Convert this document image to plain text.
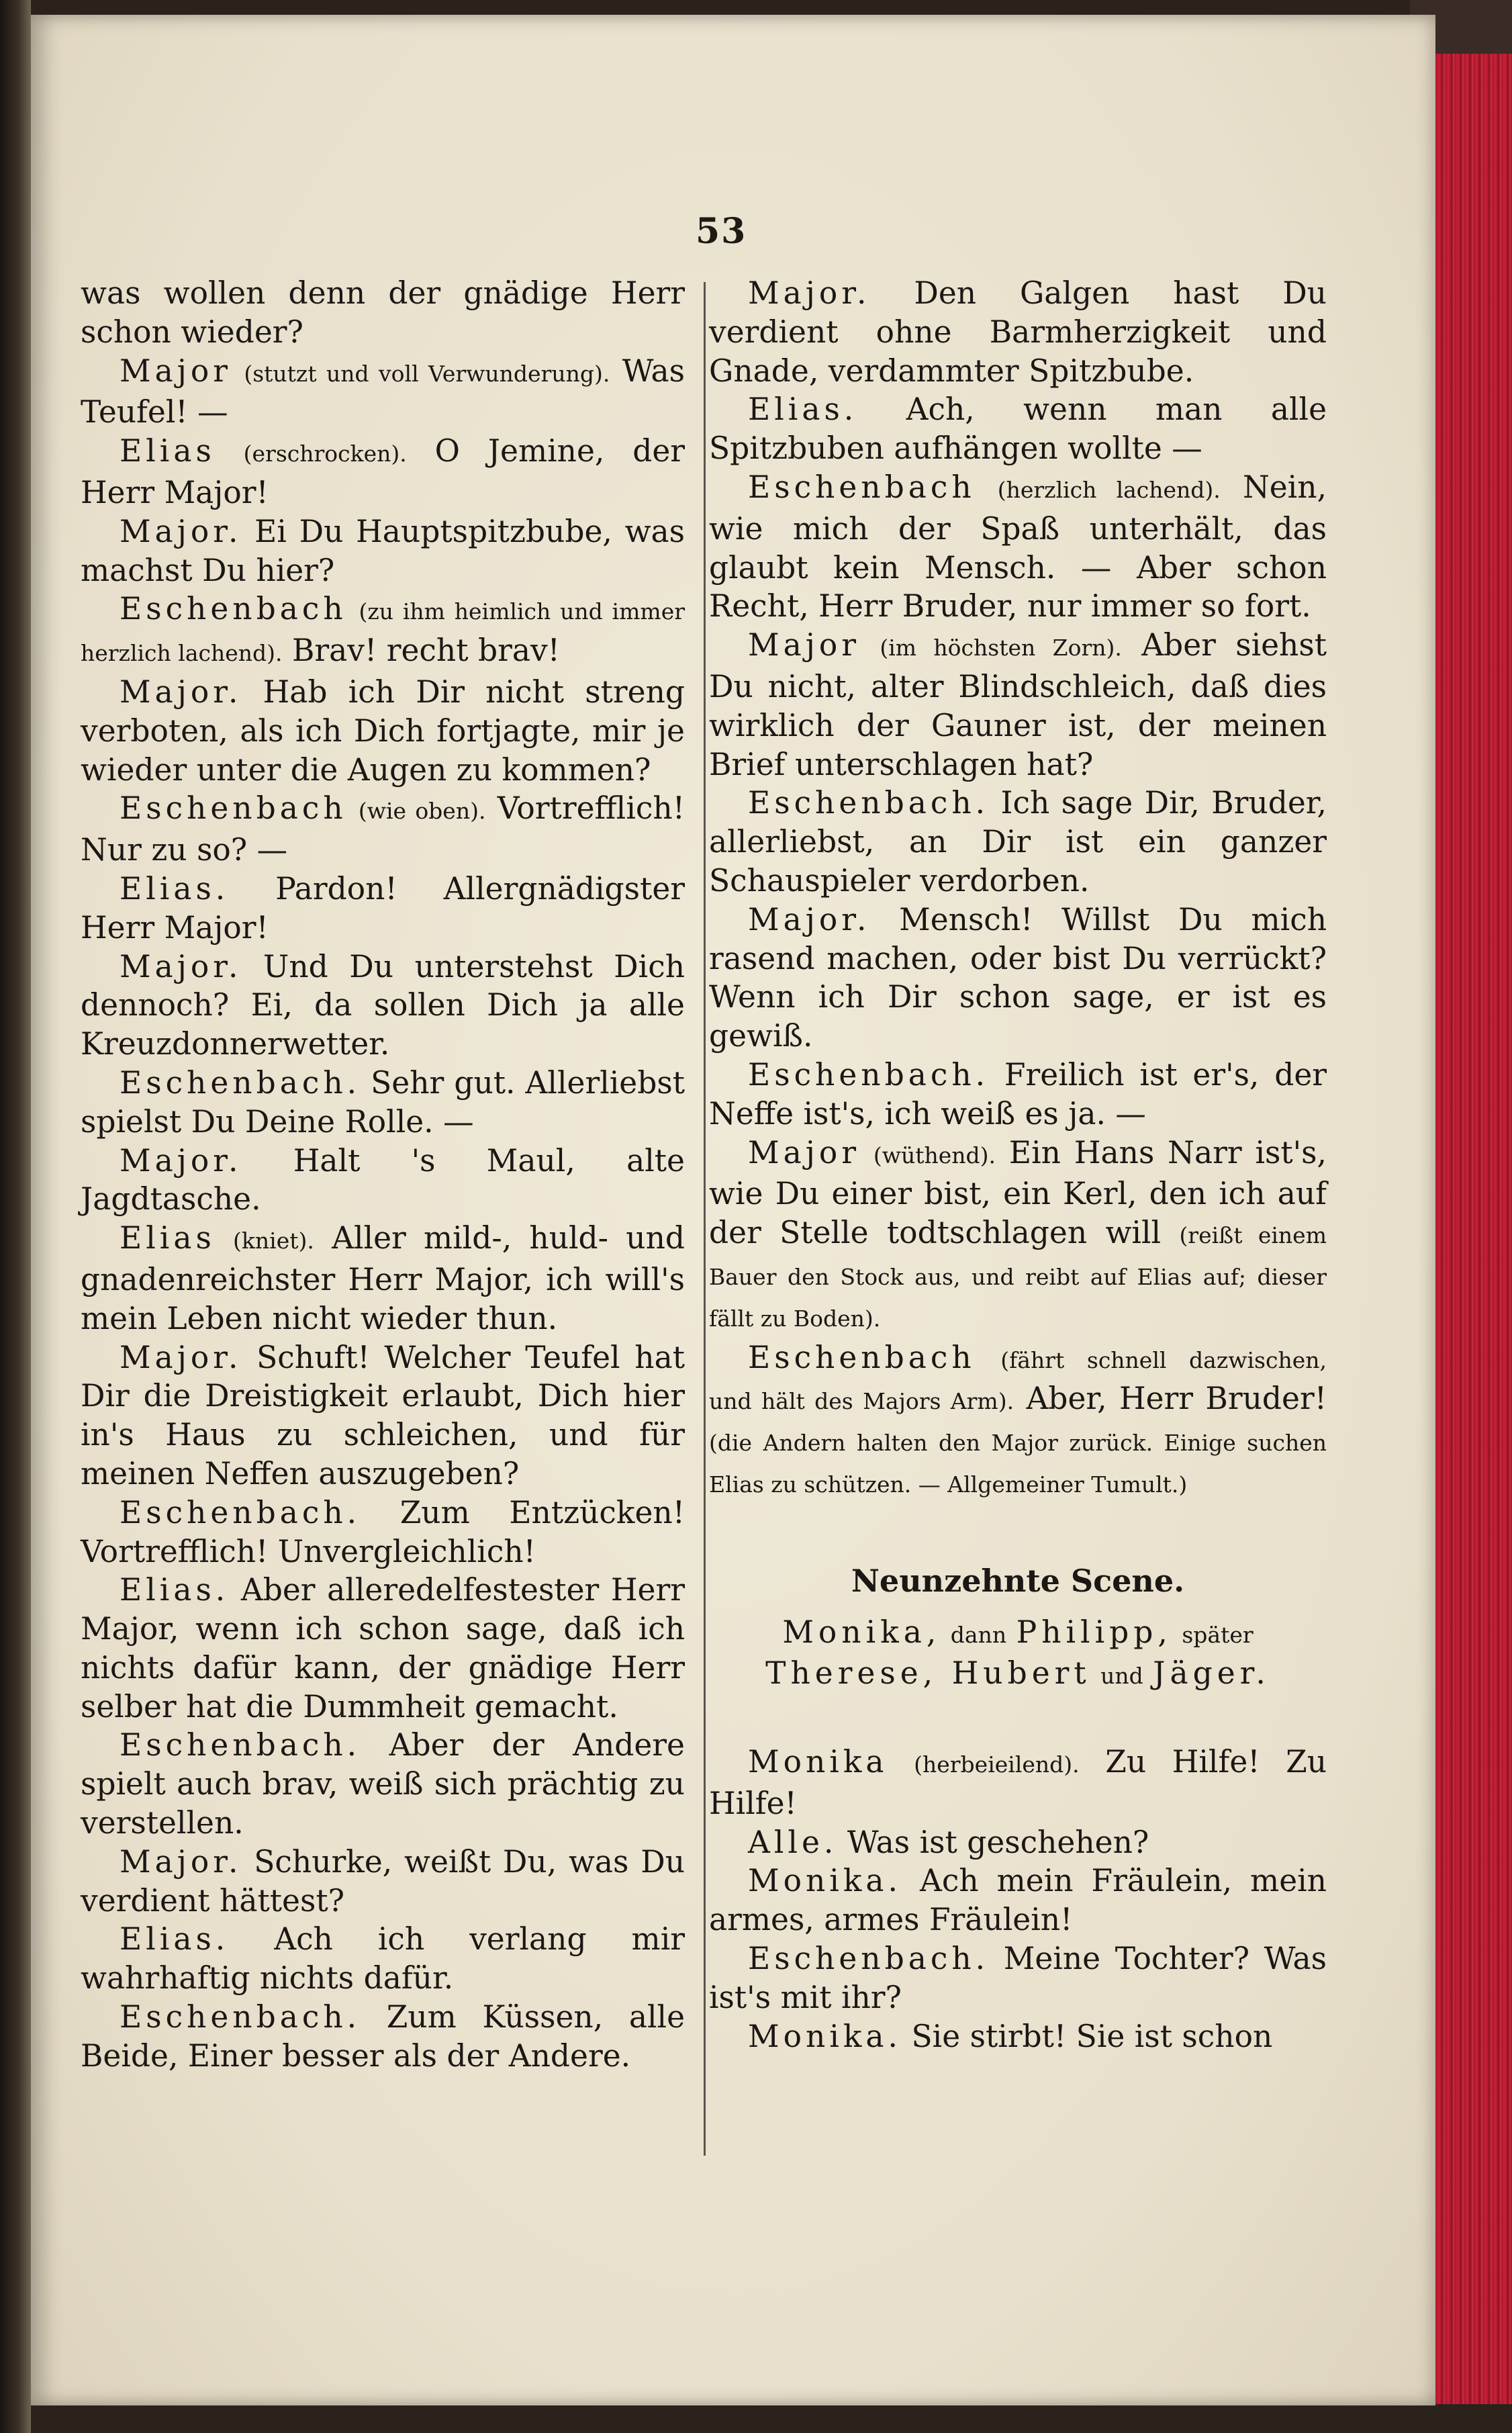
53

was wollen denn der gnädige Herr schon wieder?

Major (stutzt und voll Verwunderung). Was Teufel! —

Elias (erschrocken). O Jemine, der Herr Major!

Major. Ei Du Hauptspitzbube, was machst Du hier?

Eschenbach (zu ihm heimlich und immer herzlich lachend). Brav! recht brav!

Major. Hab ich Dir nicht streng verboten, als ich Dich fortjagte, mir je wieder unter die Augen zu kommen?

Eschenbach (wie oben). Vortrefflich! Nur zu so? —

Elias. Pardon! Allergnädigster Herr Major!

Major. Und Du unterstehst Dich dennoch? Ei, da sollen Dich ja alle Kreuzdonnerwetter.

Eschenbach. Sehr gut. Allerliebst spielst Du Deine Rolle. —

Major. Halt 's Maul, alte Jagdtasche.

Elias (kniet). Aller mild-, huld- und gnadenreichster Herr Major, ich will's mein Leben nicht wieder thun.

Major. Schuft! Welcher Teufel hat Dir die Dreistigkeit erlaubt, Dich hier in's Haus zu schleichen, und für meinen Neffen auszugeben?

Eschenbach. Zum Entzücken! Vortrefflich! Unvergleichlich!

Elias. Aber alleredelfestester Herr Major, wenn ich schon sage, daß ich nichts dafür kann, der gnädige Herr selber hat die Dummheit gemacht.

Eschenbach. Aber der Andere spielt auch brav, weiß sich prächtig zu verstellen.

Major. Schurke, weißt Du, was Du verdient hättest?

Elias. Ach ich verlang mir wahrhaftig nichts dafür.

Eschenbach. Zum Küssen, alle Beide, Einer besser als der Andere.

Major. Den Galgen hast Du verdient ohne Barmherzigkeit und Gnade, verdammter Spitzbube.

Elias. Ach, wenn man alle Spitzbuben aufhängen wollte —

Eschenbach (herzlich lachend). Nein, wie mich der Spaß unterhält, das glaubt kein Mensch. — Aber schon Recht, Herr Bruder, nur immer so fort.

Major (im höchsten Zorn). Aber siehst Du nicht, alter Blindschleich, daß dies wirklich der Gauner ist, der meinen Brief unterschlagen hat?

Eschenbach. Ich sage Dir, Bruder, allerliebst, an Dir ist ein ganzer Schauspieler verdorben.

Major. Mensch! Willst Du mich rasend machen, oder bist Du verrückt? Wenn ich Dir schon sage, er ist es gewiß.

Eschenbach. Freilich ist er's, der Neffe ist's, ich weiß es ja. —

Major (wüthend). Ein Hans Narr ist's, wie Du einer bist, ein Kerl, den ich auf der Stelle todtschlagen will (reißt einem Bauer den Stock aus, und reibt auf Elias auf; dieser fällt zu Boden).

Eschenbach (fährt schnell dazwischen, und hält des Majors Arm). Aber, Herr Bruder! (die Andern halten den Major zurück. Einige suchen Elias zu schützen. — Allgemeiner Tumult.)

Neunzehnte Scene.
Monika, dann Philipp, später Therese, Hubert und Jäger.

Monika (herbeieilend). Zu Hilfe! Zu Hilfe!

Alle. Was ist geschehen?

Monika. Ach mein Fräulein, mein armes, armes Fräulein!

Eschenbach. Meine Tochter? Was ist's mit ihr?

Monika. Sie stirbt! Sie ist schon
